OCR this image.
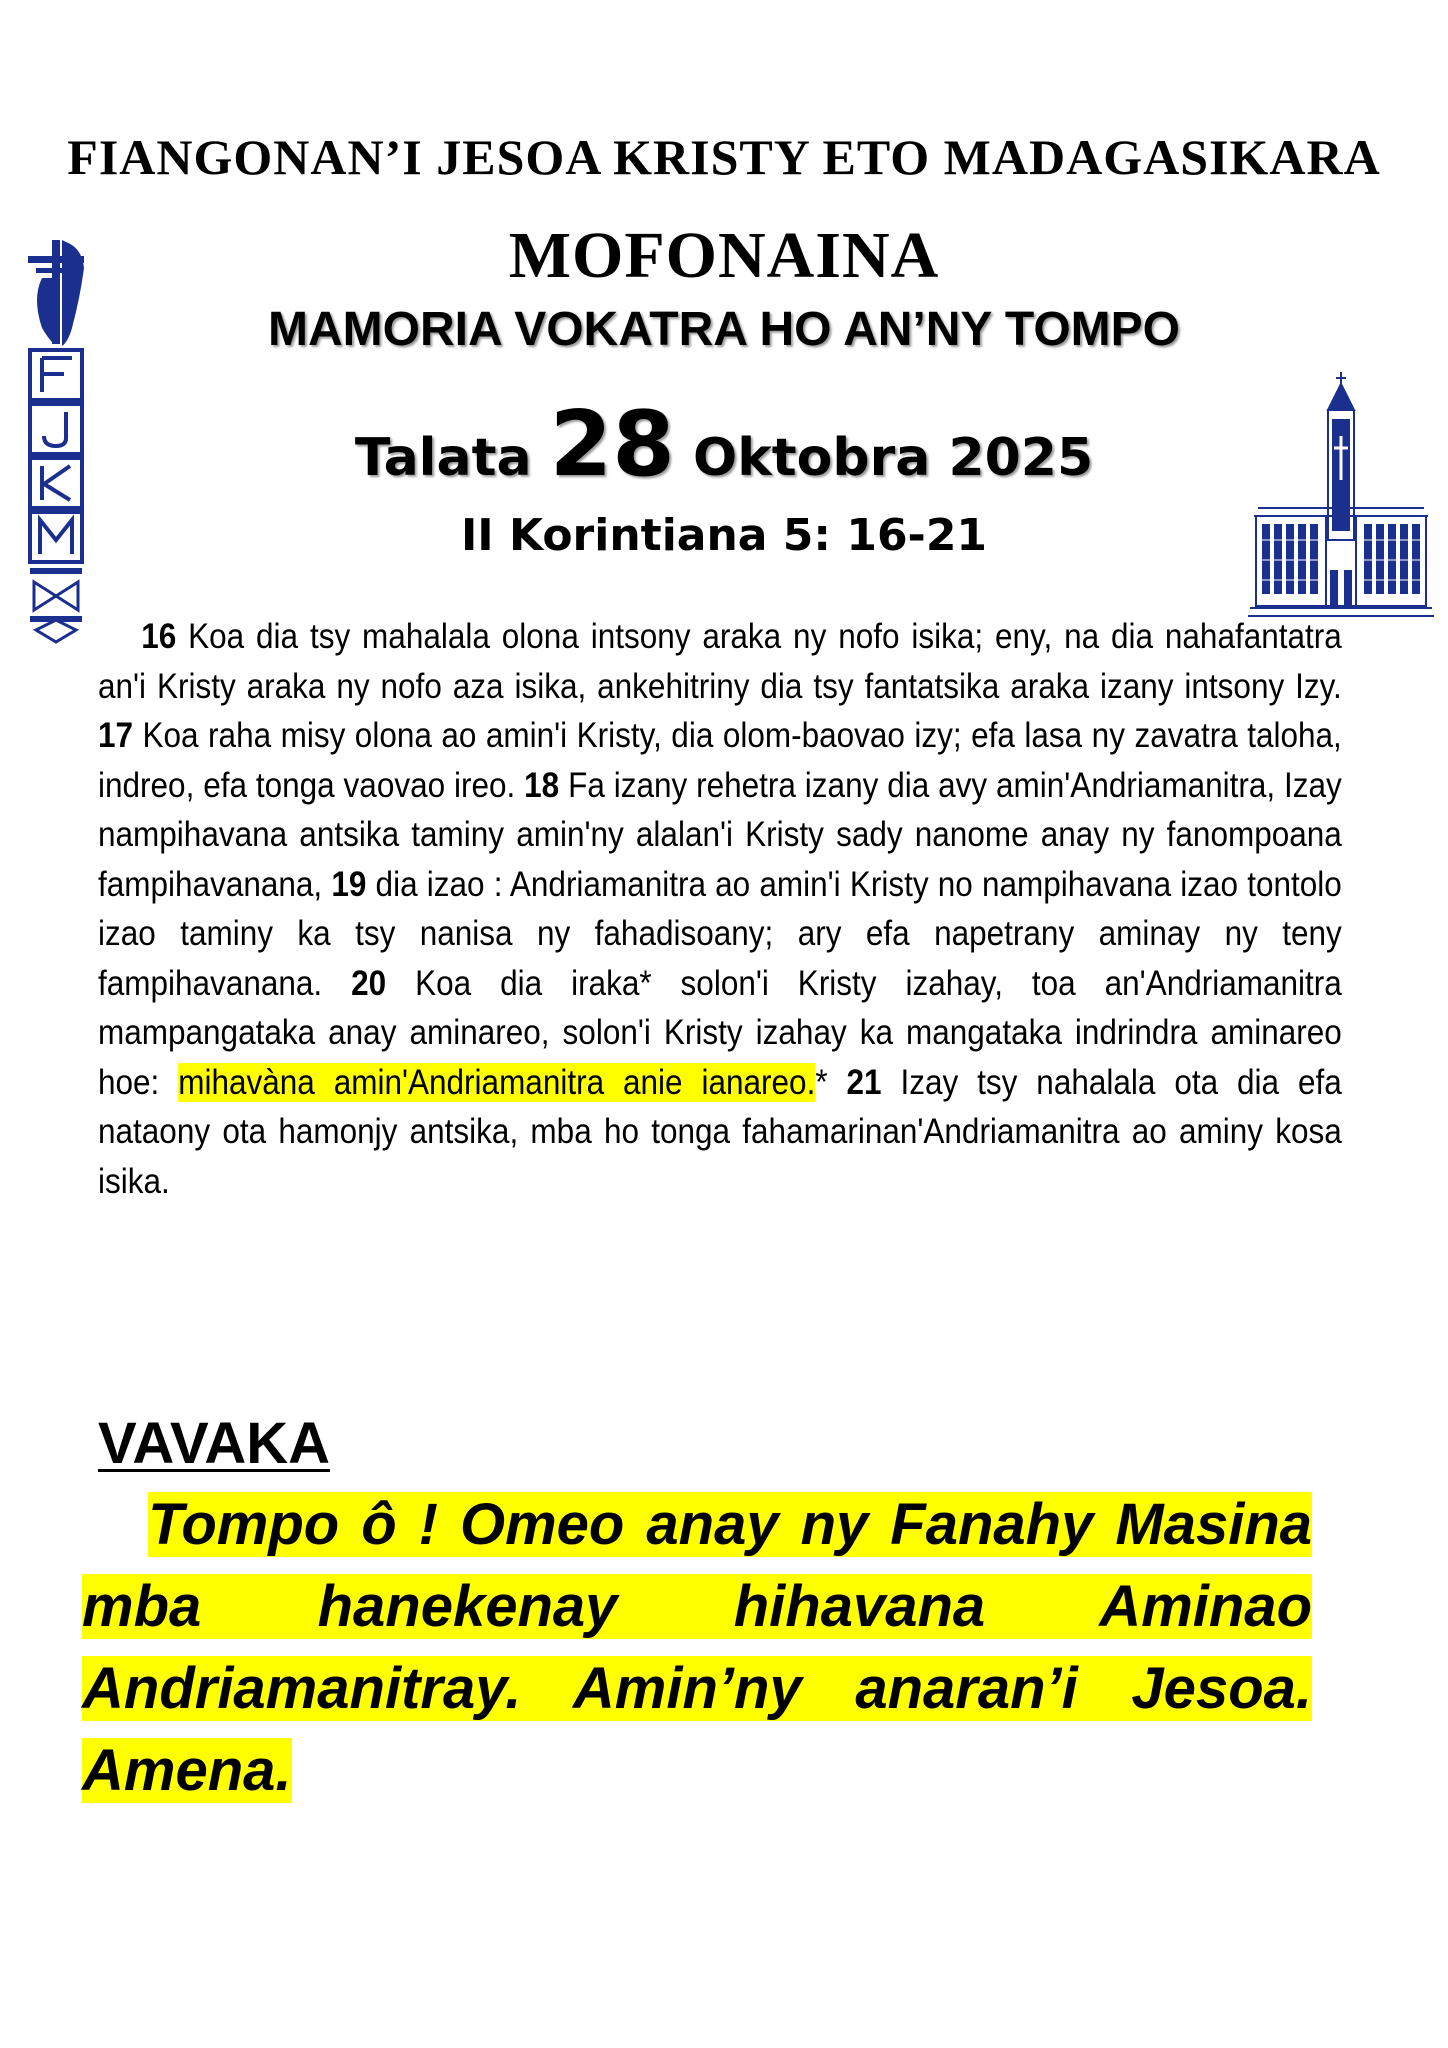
FIANGONAN’I JESOA KRISTY ETO MADAGASIKARA
MOFONAINA
MAMORIA VOKATRA HO AN’NY TOMPO
Talata 28 Oktobra 2025
II Korintiana 5: 16-21
16 Koa dia tsy mahalala olona intsony araka ny nofo isika; eny, na dia nahafantatra an'i Kristy araka ny nofo aza isika, ankehitriny dia tsy fantatsika araka izany intsony Izy. 17 Koa raha misy olona ao amin'i Kristy, dia olom-baovao izy; efa lasa ny zavatra taloha, indreo, efa tonga vaovao ireo. 18 Fa izany rehetra izany dia avy amin'Andriamanitra, Izay nampihavana antsika taminy amin'ny alalan'i Kristy sady nanome anay ny fanompoana fampihavanana, 19 dia izao : Andriamanitra ao amin'i Kristy no nampihavana izao tontolo izao taminy ka tsy nanisa ny fahadisoany; ary efa napetrany aminay ny teny fampihavanana. 20 Koa dia iraka* solon'i Kristy izahay, toa an'Andriamanitra mampangataka anay aminareo, solon'i Kristy izahay ka mangataka indrindra aminareo hoe: mihavàna amin'Andriamanitra anie ianareo.* 21 Izay tsy nahalala ota dia efa nataony ota hamonjy antsika, mba ho tonga fahamarinan'Andriamanitra ao aminy kosa isika.
VAVAKA
Tompo ô ! Omeo anay ny Fanahy Masina mba hanekenay hihavana Aminao Andriamanitray. Amin’ny anaran’i Jesoa. Amena.
